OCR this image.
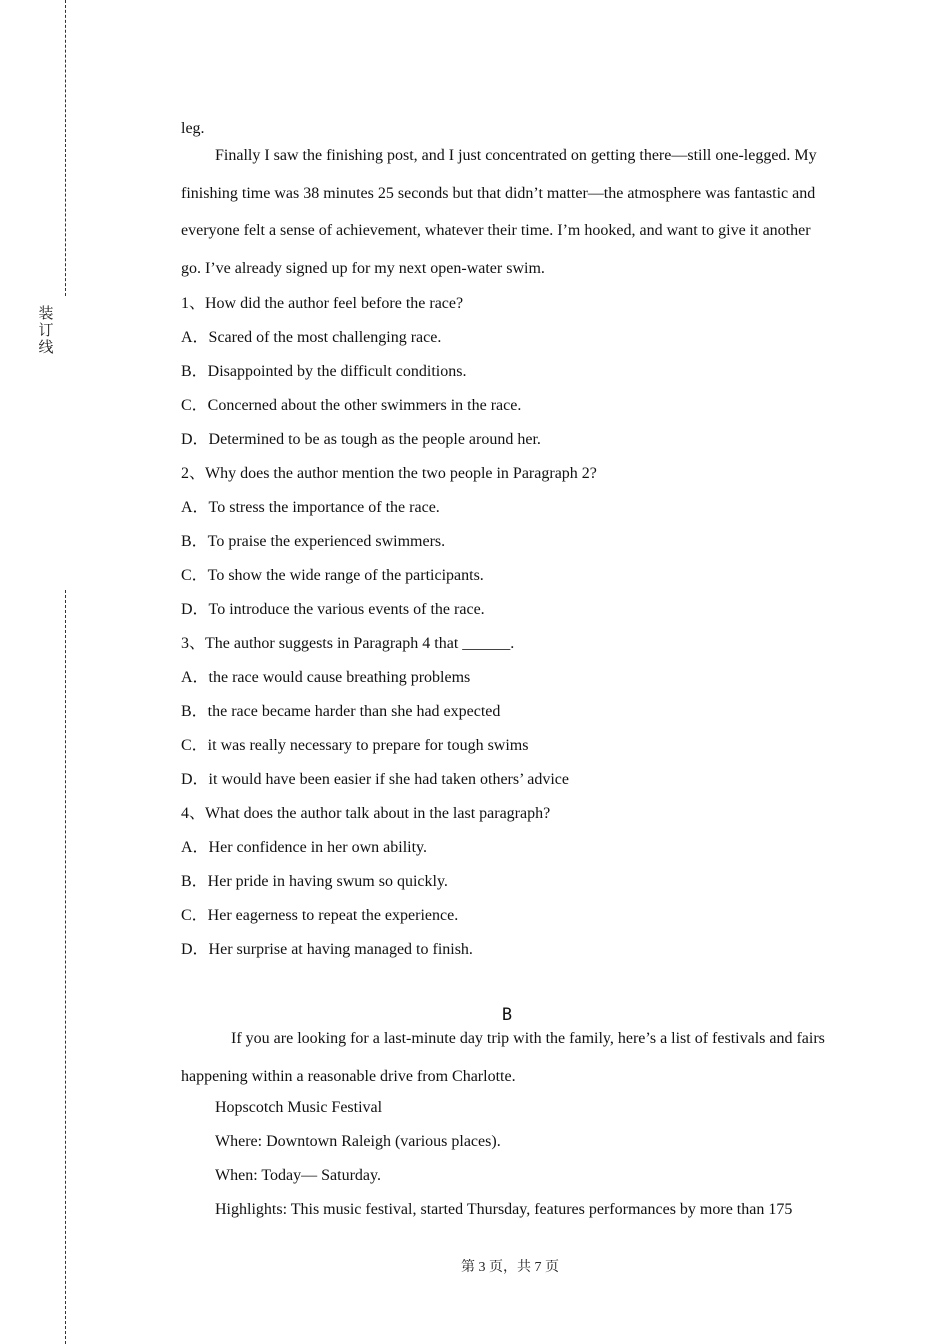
装
订
线

leg.

Finally I saw the finishing post, and I just concentrated on getting there—still one-legged. My finishing time was 38 minutes 25 seconds but that didn’t matter—the atmosphere was fantastic and everyone felt a sense of achievement, whatever their time. I’m hooked, and want to give it another go. I’ve already signed up for my next open-water swim.

1、How did the author feel before the race?

A．Scared of the most challenging race.

B．Disappointed by the difficult conditions.

C．Concerned about the other swimmers in the race.

D．Determined to be as tough as the people around her.

2、Why does the author mention the two people in Paragraph 2?

A．To stress the importance of the race.

B．To praise the experienced swimmers.

C．To show the wide range of the participants.

D．To introduce the various events of the race.

3、The author suggests in Paragraph 4 that ______.

A．the race would cause breathing problems

B．the race became harder than she had expected

C．it was really necessary to prepare for tough swims

D．it would have been easier if she had taken others’ advice

4、What does the author talk about in the last paragraph?

A．Her confidence in her own ability.

B．Her pride in having swum so quickly.

C．Her eagerness to repeat the experience.

D．Her surprise at having managed to finish.

B

If you are looking for a last-minute day trip with the family, here’s a list of festivals and fairs happening within a reasonable drive from Charlotte.

Hopscotch Music Festival

Where: Downtown Raleigh (various places).

When: Today— Saturday.

Highlights: This music festival, started Thursday, features performances by more than 175

第 3 页，共 7 页
